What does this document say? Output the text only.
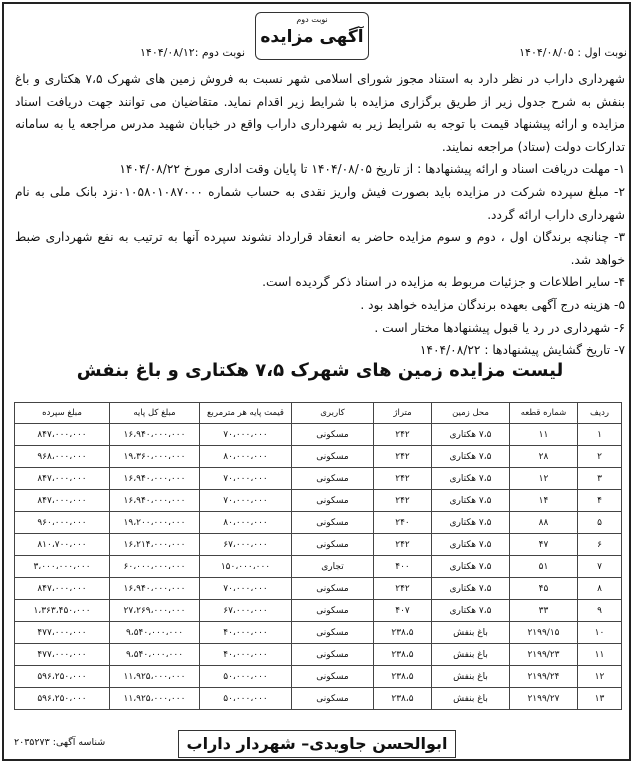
نوبت دوم
آگهی مزایده
نوبت اول : ۱۴۰۴/۰۸/۰۵
نوبت دوم :۱۴۰۴/۰۸/۱۲

شهرداری داراب در نظر دارد به استناد مجوز شورای اسلامی شهر نسبت به فروش زمین های شهرک ۷،۵ هکتاری و باغ بنفش به شرح جدول زیر از طریق برگزاری مزایده با شرایط زیر اقدام نماید. متقاضیان می توانند جهت دریافت اسناد مزایده و ارائه پیشنهاد قیمت با توجه به شرایط زیر به شهرداری داراب واقع در خیابان شهید مدرس مراجعه یا به سامانه تدارکات دولت (ستاد) مراجعه نمایند.

۱- مهلت دریافت اسناد و ارائه پیشنهادها : از تاریخ ۱۴۰۴/۰۸/۰۵ تا پایان وقت اداری مورخ ۱۴۰۴/۰۸/۲۲

۲- مبلغ سپرده شرکت در مزایده باید بصورت فیش واریز نقدی به حساب شماره ۰۱۰۵۸۰۱۰۸۷۰۰۰نزد بانک ملی به نام شهرداری داراب ارائه گردد.

۳- چنانچه برندگان اول ، دوم و سوم مزایده حاضر به انعقاد قرارداد نشوند سپرده آنها به ترتیب به نفع شهرداری ضبط خواهد شد.

۴- سایر اطلاعات و جزئیات مربوط به مزایده در اسناد ذکر گردیده است.

۵- هزینه درج آگهی بعهده برندگان مزایده خواهد بود .

۶- شهرداری در رد یا قبول پیشنهادها مختار است .

۷- تاریخ گشایش پیشنهادها : ۱۴۰۴/۰۸/۲۲

لیست مزایده زمین های شهرک ۷،۵ هکتاری و باغ بنفش
ردیف	شماره قطعه	محل زمین	متراژ	کاربری	قیمت پایه هر مترمربع	مبلغ کل پایه	مبلغ سپرده
۱	۱۱	۷،۵ هکتاری	۲۴۲	مسکونی	۷۰،۰۰۰،۰۰۰	۱۶،۹۴۰،۰۰۰،۰۰۰	۸۴۷،۰۰۰،۰۰۰
۲	۲۸	۷،۵ هکتاری	۲۴۲	مسکونی	۸۰،۰۰۰،۰۰۰	۱۹،۳۶۰،۰۰۰،۰۰۰	۹۶۸،۰۰۰،۰۰۰
۳	۱۲	۷،۵ هکتاری	۲۴۲	مسکونی	۷۰،۰۰۰،۰۰۰	۱۶،۹۴۰،۰۰۰،۰۰۰	۸۴۷،۰۰۰،۰۰۰
۴	۱۴	۷،۵ هکتاری	۲۴۲	مسکونی	۷۰،۰۰۰،۰۰۰	۱۶،۹۴۰،۰۰۰،۰۰۰	۸۴۷،۰۰۰،۰۰۰
۵	۸۸	۷،۵ هکتاری	۲۴۰	مسکونی	۸۰،۰۰۰،۰۰۰	۱۹،۲۰۰،۰۰۰،۰۰۰	۹۶۰،۰۰۰،۰۰۰
۶	۴۷	۷،۵ هکتاری	۲۴۲	مسکونی	۶۷،۰۰۰،۰۰۰	۱۶،۲۱۴،۰۰۰،۰۰۰	۸۱۰،۷۰۰،۰۰۰
۷	۵۱	۷،۵ هکتاری	۴۰۰	تجاری	۱۵۰،۰۰۰،۰۰۰	۶۰،۰۰۰،۰۰۰،۰۰۰	۳،۰۰۰،۰۰۰،۰۰۰
۸	۴۵	۷،۵ هکتاری	۲۴۲	مسکونی	۷۰،۰۰۰،۰۰۰	۱۶،۹۴۰،۰۰۰،۰۰۰	۸۴۷،۰۰۰،۰۰۰
۹	۳۳	۷،۵ هکتاری	۴۰۷	مسکونی	۶۷،۰۰۰،۰۰۰	۲۷،۲۶۹،۰۰۰،۰۰۰	۱،۳۶۳،۴۵۰،۰۰۰
۱۰	۲۱۹۹/۱۵	باغ بنفش	۲۳۸،۵	مسکونی	۴۰،۰۰۰،۰۰۰	۹،۵۴۰،۰۰۰،۰۰۰	۴۷۷،۰۰۰،۰۰۰
۱۱	۲۱۹۹/۲۳	باغ بنفش	۲۳۸،۵	مسکونی	۴۰،۰۰۰،۰۰۰	۹،۵۴۰،۰۰۰،۰۰۰	۴۷۷،۰۰۰،۰۰۰
۱۲	۲۱۹۹/۲۴	باغ بنفش	۲۳۸،۵	مسکونی	۵۰،۰۰۰،۰۰۰	۱۱،۹۲۵،۰۰۰،۰۰۰	۵۹۶،۲۵۰،۰۰۰
۱۳	۲۱۹۹/۲۷	باغ بنفش	۲۳۸،۵	مسکونی	۵۰،۰۰۰،۰۰۰	۱۱،۹۲۵،۰۰۰،۰۰۰	۵۹۶،۲۵۰،۰۰۰
ابوالحسن جاویدی– شهردار داراب
شناسه آگهی: ۲۰۳۵۲۷۳
